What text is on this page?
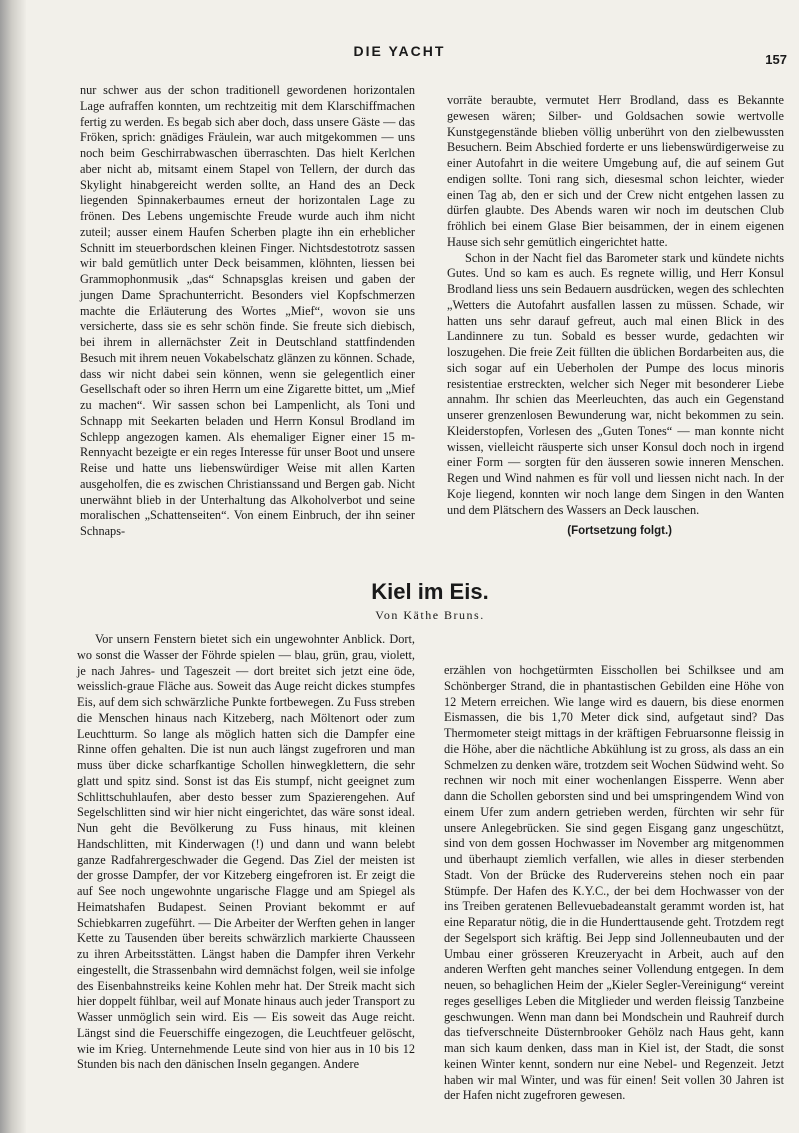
DIE YACHT
157

nur schwer aus der schon traditionell gewordenen horizontalen Lage aufraffen konnten, um rechtzeitig mit dem Klarschiffmachen fertig zu werden. Es begab sich aber doch, dass unsere Gäste — das Fröken, sprich: gnädiges Fräulein, war auch mitgekommen — uns noch beim Geschirrabwaschen überraschten. Das hielt Kerlchen aber nicht ab, mitsamt einem Stapel von Tellern, der durch das Skylight hinabgereicht werden sollte, an Hand des an Deck liegenden Spinnakerbaumes erneut der horizontalen Lage zu frönen. Des Lebens ungemischte Freude wurde auch ihm nicht zuteil; ausser einem Haufen Scherben plagte ihn ein erheblicher Schnitt im steuerbordschen kleinen Finger. Nichtsdestotrotz sassen wir bald gemütlich unter Deck beisammen, klöhnten, liessen bei Grammophonmusik „das“ Schnapsglas kreisen und gaben der jungen Dame Sprachunterricht. Besonders viel Kopfschmerzen machte die Erläuterung des Wortes „Mief“, wovon sie uns versicherte, dass sie es sehr schön finde. Sie freute sich diebisch, bei ihrem in allernächster Zeit in Deutschland stattfindenden Besuch mit ihrem neuen Vokabelschatz glänzen zu können. Schade, dass wir nicht dabei sein können, wenn sie gelegentlich einer Gesellschaft oder so ihren Herrn um eine Zigarette bittet, um „Mief zu machen“. Wir sassen schon bei Lampenlicht, als Toni und Schnapp mit Seekarten beladen und Herrn Konsul Brodland im Schlepp angezogen kamen. Als ehemaliger Eigner einer 15 m-Rennyacht bezeigte er ein reges Interesse für unser Boot und unsere Reise und hatte uns liebenswürdiger Weise mit allen Karten ausgeholfen, die es zwischen Christianssand und Bergen gab. Nicht unerwähnt blieb in der Unterhaltung das Alkoholverbot und seine moralischen „Schattenseiten“. Von einem Einbruch, der ihn seiner Schnaps-

vorräte beraubte, vermutet Herr Brodland, dass es Bekannte gewesen wären; Silber- und Goldsachen sowie wertvolle Kunstgegenstände blieben völlig unberührt von den zielbewussten Besuchern. Beim Abschied forderte er uns liebenswürdigerweise zu einer Autofahrt in die weitere Umgebung auf, die auf seinem Gut endigen sollte. Toni rang sich, diesesmal schon leichter, wieder einen Tag ab, den er sich und der Crew nicht entgehen lassen zu dürfen glaubte. Des Abends waren wir noch im deutschen Club fröhlich bei einem Glase Bier beisammen, der in einem eigenen Hause sich sehr gemütlich eingerichtet hatte.

Schon in der Nacht fiel das Barometer stark und kündete nichts Gutes. Und so kam es auch. Es regnete willig, und Herr Konsul Brodland liess uns sein Bedauern ausdrücken, wegen des schlechten „Wetters die Autofahrt ausfallen lassen zu müssen. Schade, wir hatten uns sehr darauf gefreut, auch mal einen Blick in des Landinnere zu tun. Sobald es besser wurde, gedachten wir loszugehen. Die freie Zeit füllten die üblichen Bordarbeiten aus, die sich sogar auf ein Ueberholen der Pumpe des locus minoris resistentiae erstreckten, welcher sich Neger mit besonderer Liebe annahm. Ihr schien das Meerleuchten, das auch ein Gegenstand unserer grenzenlosen Bewunderung war, nicht bekommen zu sein. Kleiderstopfen, Vorlesen des „Guten Tones“ — man konnte nicht wissen, vielleicht räusperte sich unser Konsul doch noch in irgend einer Form — sorgten für den äusseren sowie inneren Menschen. Regen und Wind nahmen es für voll und liessen nicht nach. In der Koje liegend, konnten wir noch lange dem Singen in den Wanten und dem Plätschern des Wassers an Deck lauschen.

(Fortsetzung folgt.)

Kiel im Eis.
Von Käthe Bruns.

Vor unsern Fenstern bietet sich ein ungewohnter Anblick. Dort, wo sonst die Wasser der Föhrde spielen — blau, grün, grau, violett, je nach Jahres- und Tageszeit — dort breitet sich jetzt eine öde, weisslich-graue Fläche aus. Soweit das Auge reicht dickes stumpfes Eis, auf dem sich schwärzliche Punkte fortbewegen. Zu Fuss streben die Menschen hinaus nach Kitzeberg, nach Möltenort oder zum Leuchtturm. So lange als möglich hatten sich die Dampfer eine Rinne offen gehalten. Die ist nun auch längst zugefroren und man muss über dicke scharfkantige Schollen hinwegklettern, die sehr glatt und spitz sind. Sonst ist das Eis stumpf, nicht geeignet zum Schlittschuhlaufen, aber desto besser zum Spazierengehen. Auf Segelschlitten sind wir hier nicht eingerichtet, das wäre sonst ideal. Nun geht die Bevölkerung zu Fuss hinaus, mit kleinen Handschlitten, mit Kinderwagen (!) und dann und wann belebt ganze Radfahrergeschwader die Gegend. Das Ziel der meisten ist der grosse Dampfer, der vor Kitzeberg eingefroren ist. Er zeigt die auf See noch ungewohnte ungarische Flagge und am Spiegel als Heimatshafen Budapest. Seinen Proviant bekommt er auf Schiebkarren zugeführt. — Die Arbeiter der Werften gehen in langer Kette zu Tausenden über bereits schwärzlich markierte Chausseen zu ihren Arbeitsstätten. Längst haben die Dampfer ihren Verkehr eingestellt, die Strassenbahn wird demnächst folgen, weil sie infolge des Eisenbahnstreiks keine Kohlen mehr hat. Der Streik macht sich hier doppelt fühlbar, weil auf Monate hinaus auch jeder Transport zu Wasser unmöglich sein wird. Eis — Eis soweit das Auge reicht. Längst sind die Feuerschiffe eingezogen, die Leuchtfeuer gelöscht, wie im Krieg. Unternehmende Leute sind von hier aus in 10 bis 12 Stunden bis nach den dänischen Inseln gegangen. Andere

erzählen von hochgetürmten Eisschollen bei Schilksee und am Schönberger Strand, die in phantastischen Gebilden eine Höhe von 12 Metern erreichen. Wie lange wird es dauern, bis diese enormen Eismassen, die bis 1,70 Meter dick sind, aufgetaut sind? Das Thermometer steigt mittags in der kräftigen Februarsonne fleissig in die Höhe, aber die nächtliche Abkühlung ist zu gross, als dass an ein Schmelzen zu denken wäre, trotzdem seit Wochen Südwind weht. So rechnen wir noch mit einer wochenlangen Eissperre. Wenn aber dann die Schollen geborsten sind und bei umspringendem Wind von einem Ufer zum andern getrieben werden, fürchten wir sehr für unsere Anlegebrücken. Sie sind gegen Eisgang ganz ungeschützt, sind von dem gossen Hochwasser im November arg mitgenommen und überhaupt ziemlich verfallen, wie alles in dieser sterbenden Stadt. Von der Brücke des Rudervereins stehen noch ein paar Stümpfe. Der Hafen des K.Y.C., der bei dem Hochwasser von der ins Treiben geratenen Bellevuebadeanstalt gerammt worden ist, hat eine Reparatur nötig, die in die Hunderttausende geht. Trotzdem regt der Segelsport sich kräftig. Bei Jepp sind Jollenneubauten und der Umbau einer grösseren Kreuzeryacht in Arbeit, auch auf den anderen Werften geht manches seiner Vollendung entgegen. In dem neuen, so behaglichen Heim der „Kieler Segler-Vereinigung“ vereint reges geselliges Leben die Mitglieder und werden fleissig Tanzbeine geschwungen. Wenn man dann bei Mondschein und Rauhreif durch das tiefverschneite Düsternbrooker Gehölz nach Haus geht, kann man sich kaum denken, dass man in Kiel ist, der Stadt, die sonst keinen Winter kennt, sondern nur eine Nebel- und Regenzeit. Jetzt haben wir mal Winter, und was für einen! Seit vollen 30 Jahren ist der Hafen nicht zugefroren gewesen.
